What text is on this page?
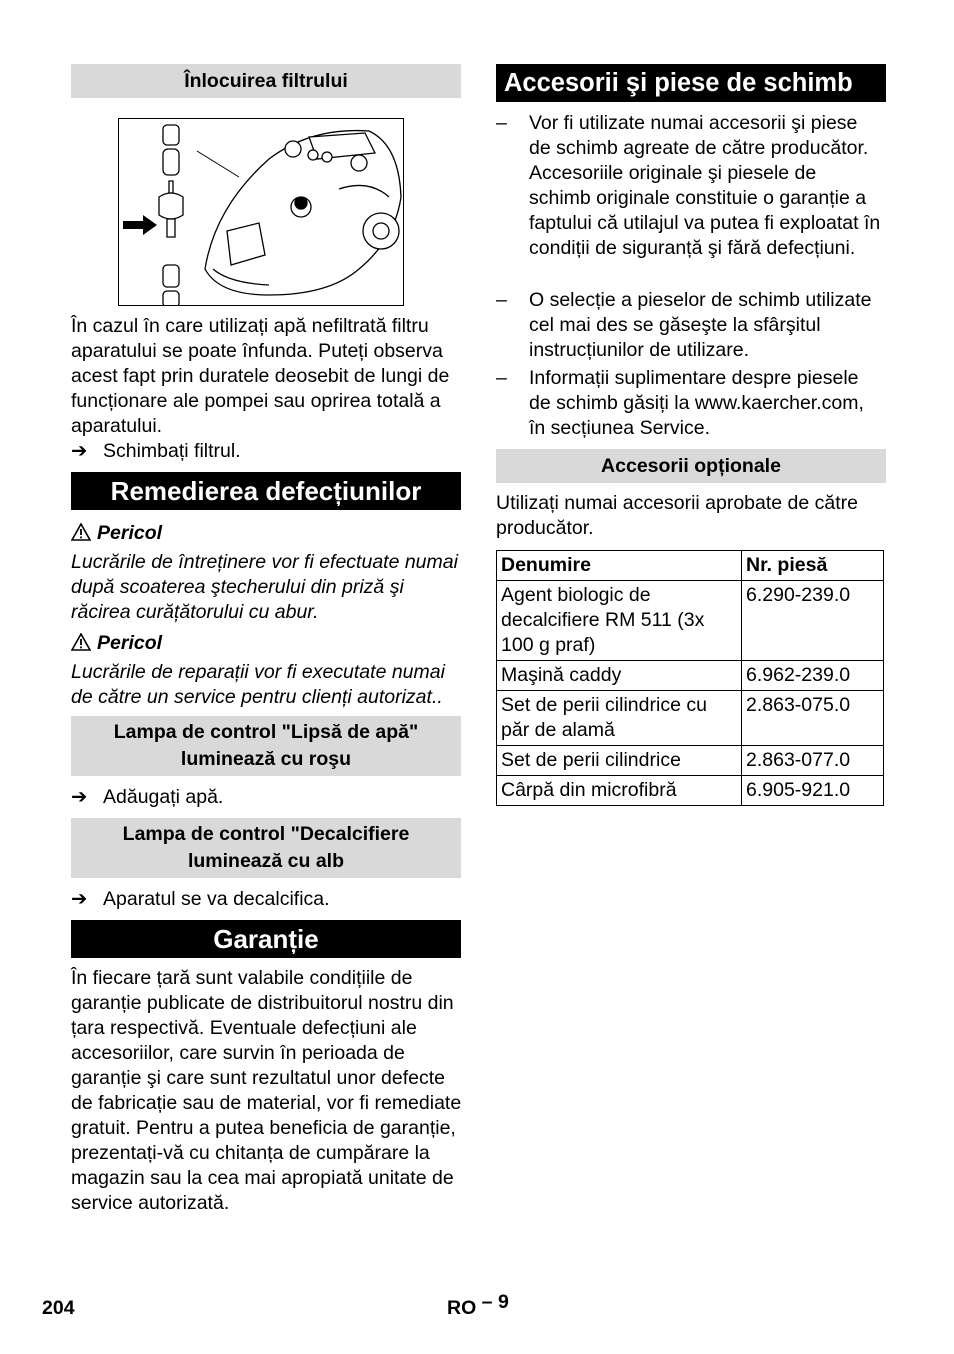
Înlocuirea filtrului
În cazul în care utilizați apă nefiltrată filtru aparatului se poate înfunda. Puteți observa acest fapt prin duratele deosebit de lungi de funcționare ale pompei sau oprirea totală a aparatului.
➔ Schimbați filtrul.
Remedierea defecțiunilor
Pericol
Lucrările de întreținere vor fi efectuate numai după scoaterea ştecherului din priză şi răcirea curățătorului cu abur.
Pericol
Lucrările de reparații vor fi executate numai de către un service pentru clienți autorizat..
Lampa de control "Lipsă de apă" luminează cu roşu
➔ Adăugați apă.
Lampa de control "Decalcifiere luminează cu alb
➔ Aparatul se va decalcifica.
Garanție
În fiecare țară sunt valabile condițiile de garanție publicate de distribuitorul nostru din țara respectivă. Eventuale defecțiuni ale accesoriilor, care survin în perioada de garanție şi care sunt rezultatul unor defecte de fabricație sau de material, vor fi remediate gratuit. Pentru a putea beneficia de garanție, prezentați-vă cu chitanța de cumpărare la magazin sau la cea mai apropiată unitate de service autorizată.
Accesorii şi piese de schimb
– Vor fi utilizate numai accesorii şi piese de schimb agreate de către producător. Accesoriile originale şi piesele de schimb originale constituie o garanție a faptului că utilajul va putea fi exploatat în condiții de siguranță şi fără defecțiuni.
– O selecție a pieselor de schimb utilizate cel mai des se găseşte la sfârşitul instrucțiunilor de utilizare.
– Informații suplimentare despre piesele de schimb găsiți la www.kaercher.com, în secțiunea Service.
Accesorii opționale
Utilizați numai accesorii aprobate de către producător.
Denumire	Nr. piesă
Agent biologic de decalcifiere RM 511 (3x 100 g praf)	6.290-239.0
Maşină caddy	6.962-239.0
Set de perii cilindrice cu păr de alamă	2.863-075.0
Set de perii cilindrice	2.863-077.0
Cârpă din microfibră	6.905-921.0
204	RO – 9
